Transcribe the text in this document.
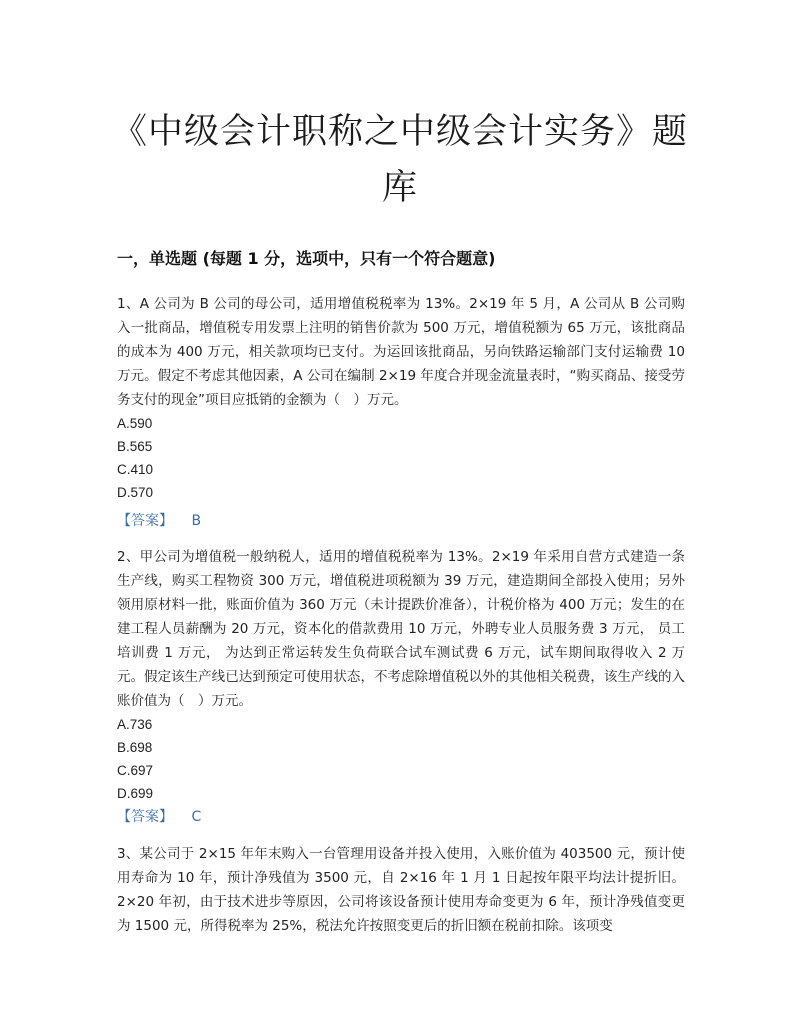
《中级会计职称之中级会计实务》题库
一，单选题 (每题 1 分，选项中，只有一个符合题意)

1、A 公司为 B 公司的母公司，适用增值税税率为 13%。2×19 年 5 月，A 公司从 B 公司购入一批商品，增值税专用发票上注明的销售价款为 500 万元，增值税额为 65 万元，该批商品的成本为 400 万元，相关款项均已支付。为运回该批商品，另向铁路运输部门支付运输费 10 万元。假定不考虑其他因素，A 公司在编制 2×19 年度合并现金流量表时，“购买商品、接受劳务支付的现金”项目应抵销的金额为（　）万元。

A.590

B.565

C.410

D.570

【答案】 B

2、甲公司为增值税一般纳税人，适用的增值税税率为 13%。2×19 年采用自营方式建造一条生产线，购买工程物资 300 万元，增值税进项税额为 39 万元，建造期间全部投入使用；另外领用原材料一批，账面价值为 360 万元（未计提跌价准备），计税价格为 400 万元；发生的在建工程人员薪酬为 20 万元，资本化的借款费用 10 万元，外聘专业人员服务费 3 万元， 员工培训费 1 万元， 为达到正常运转发生负荷联合试车测试费 6 万元，试车期间取得收入 2 万元。假定该生产线已达到预定可使用状态，不考虑除增值税以外的其他相关税费，该生产线的入账价值为（　）万元。

A.736

B.698

C.697

D.699

【答案】 C

3、某公司于 2×15 年年末购入一台管理用设备并投入使用，入账价值为 403500 元，预计使用寿命为 10 年，预计净残值为 3500 元，自 2×16 年 1 月 1 日起按年限平均法计提折旧。2×20 年初，由于技术进步等原因，公司将该设备预计使用寿命变更为 6 年，预计净残值变更为 1500 元，所得税率为 25%，税法允许按照变更后的折旧额在税前扣除。该项变
